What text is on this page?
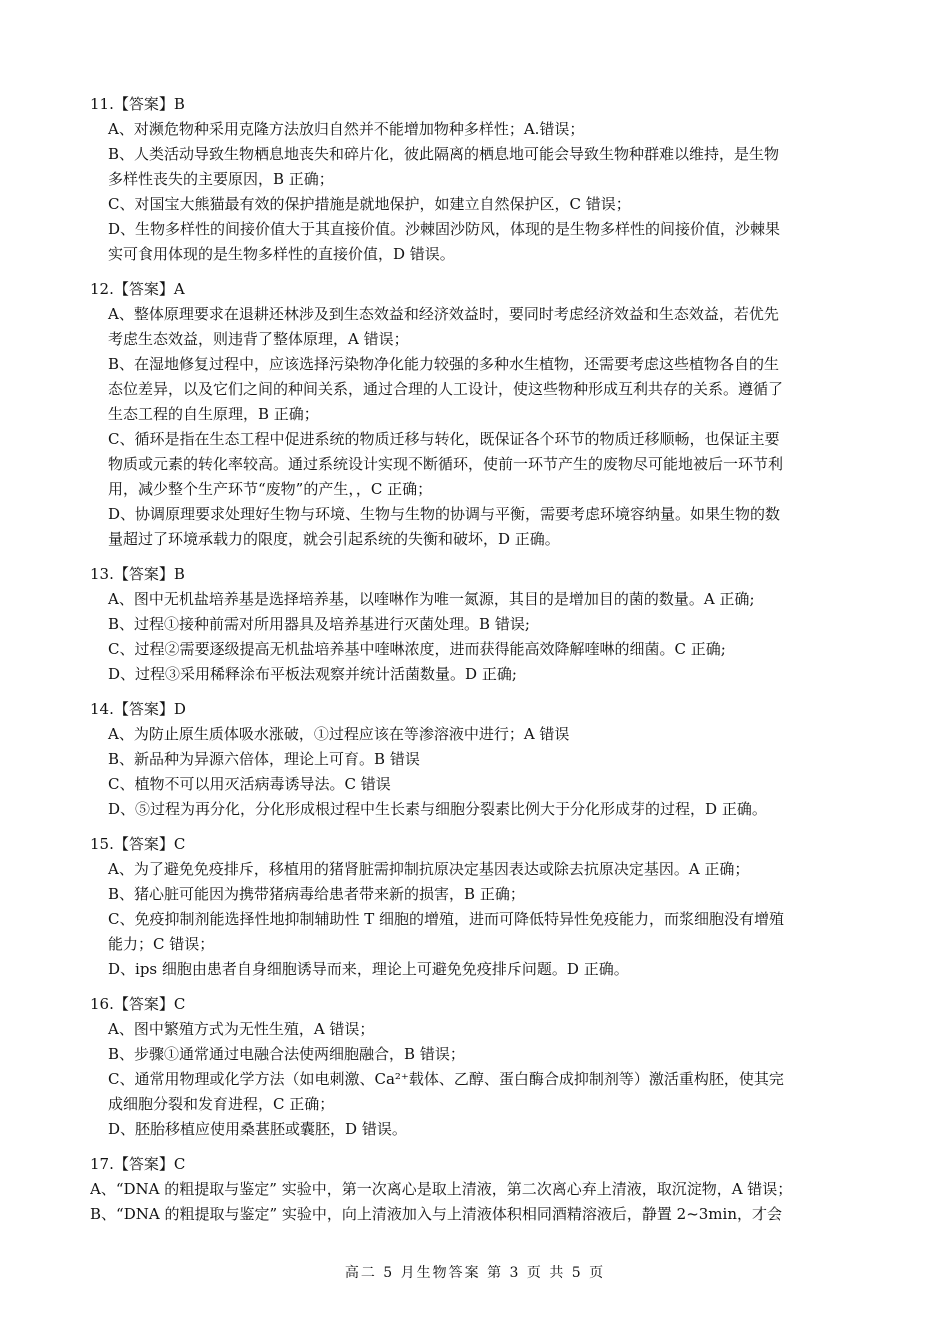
11.【答案】B
A、对濒危物种采用克隆方法放归自然并不能增加物种多样性；A.错误；
B、人类活动导致生物栖息地丧失和碎片化，彼此隔离的栖息地可能会导致生物种群难以维持，是生物
多样性丧失的主要原因，B 正确；
C、对国宝大熊猫最有效的保护措施是就地保护，如建立自然保护区，C 错误；
D、生物多样性的间接价值大于其直接价值。沙棘固沙防风，体现的是生物多样性的间接价值，沙棘果
实可食用体现的是生物多样性的直接价值，D 错误。
12.【答案】A
A、整体原理要求在退耕还林涉及到生态效益和经济效益时，要同时考虑经济效益和生态效益，若优先
考虑生态效益，则违背了整体原理，A 错误；
B、在湿地修复过程中，应该选择污染物净化能力较强的多种水生植物，还需要考虑这些植物各自的生
态位差异，以及它们之间的种间关系，通过合理的人工设计，使这些物种形成互利共存的关系。遵循了
生态工程的自生原理，B 正确；
C、循环是指在生态工程中促进系统的物质迁移与转化，既保证各个环节的物质迁移顺畅，也保证主要
物质或元素的转化率较高。通过系统设计实现不断循环，使前一环节产生的废物尽可能地被后一环节利
用，减少整个生产环节“废物”的产生，，C 正确；
D、协调原理要求处理好生物与环境、生物与生物的协调与平衡，需要考虑环境容纳量。如果生物的数
量超过了环境承载力的限度，就会引起系统的失衡和破坏，D 正确。
13.【答案】B
A、图中无机盐培养基是选择培养基，以喹啉作为唯一氮源，其目的是增加目的菌的数量。A 正确;
B、过程①接种前需对所用器具及培养基进行灭菌处理。B 错误;
C、过程②需要逐级提高无机盐培养基中喹啉浓度，进而获得能高效降解喹啉的细菌。C 正确;
D、过程③采用稀释涂布平板法观察并统计活菌数量。D 正确;
14.【答案】D
A、为防止原生质体吸水涨破，①过程应该在等渗溶液中进行；A 错误
B、新品种为异源六倍体，理论上可育。B 错误
C、植物不可以用灭活病毒诱导法。C 错误
D、⑤过程为再分化，分化形成根过程中生长素与细胞分裂素比例大于分化形成芽的过程，D 正确。
15.【答案】C
A、为了避免免疫排斥，移植用的猪肾脏需抑制抗原决定基因表达或除去抗原决定基因。A 正确；
B、猪心脏可能因为携带猪病毒给患者带来新的损害，B 正确；
C、免疫抑制剂能选择性地抑制辅助性 T 细胞的增殖，进而可降低特异性免疫能力，而浆细胞没有增殖
能力；C 错误；
D、ips 细胞由患者自身细胞诱导而来，理论上可避免免疫排斥问题。D 正确。
16.【答案】C
A、图中繁殖方式为无性生殖，A 错误；
B、步骤①通常通过电融合法使两细胞融合，B 错误；
C、通常用物理或化学方法（如电刺激、Ca²⁺载体、乙醇、蛋白酶合成抑制剂等）激活重构胚，使其完
成细胞分裂和发育进程，C 正确；
D、胚胎移植应使用桑葚胚或囊胚，D 错误。
17.【答案】C
A、“DNA 的粗提取与鉴定” 实验中，第一次离心是取上清液，第二次离心弃上清液，取沉淀物，A 错误；
B、“DNA 的粗提取与鉴定” 实验中，向上清液加入与上清液体积相同酒精溶液后，静置 2~3min，才会
高二 5 月生物答案 第 3 页 共 5 页
